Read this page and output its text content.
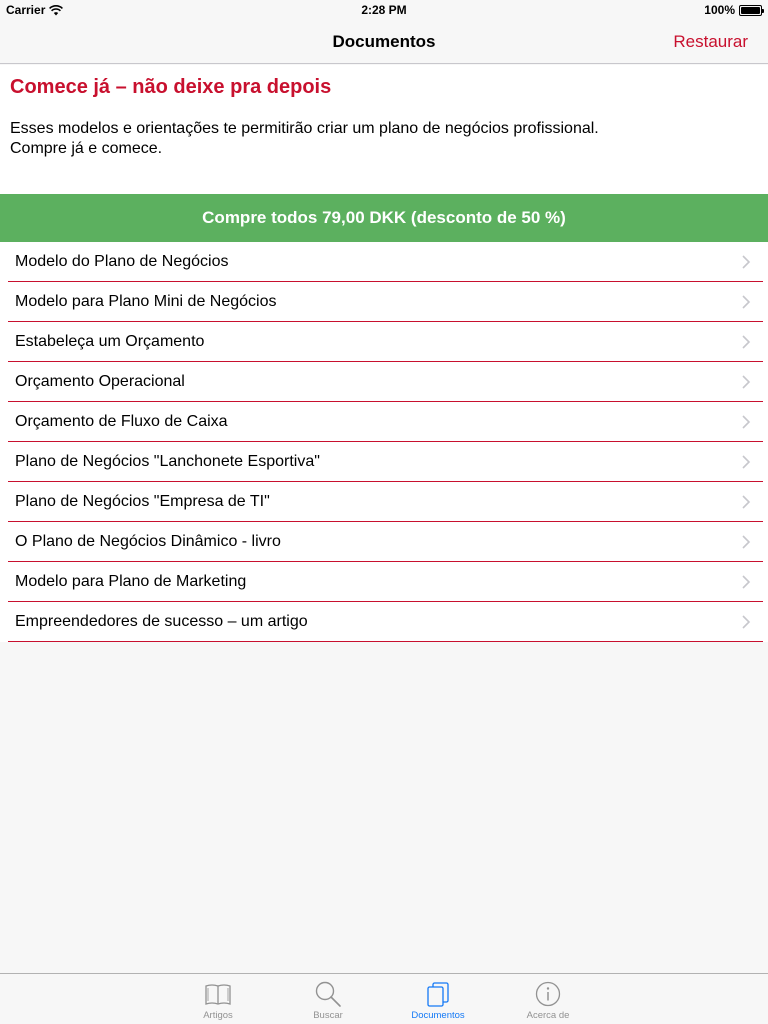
Carrier	2:28 PM	100%
Documentos	Restaurar
Comece já – não deixe pra depois
Esses modelos e orientações te permitirão criar um plano de negócios profissional.
Compre já e comece.
Compre todos 79,00 DKK (desconto de 50 %)
Modelo do Plano de Negócios
Modelo para Plano Mini de Negócios
Estabeleça um Orçamento
Orçamento Operacional
Orçamento de Fluxo de Caixa
Plano de Negócios "Lanchonete Esportiva"
Plano de Negócios "Empresa de TI"
O Plano de Negócios Dinâmico - livro
Modelo para Plano de Marketing
Empreendedores de sucesso – um artigo
Artigos	Buscar	Documentos	Acerca de
